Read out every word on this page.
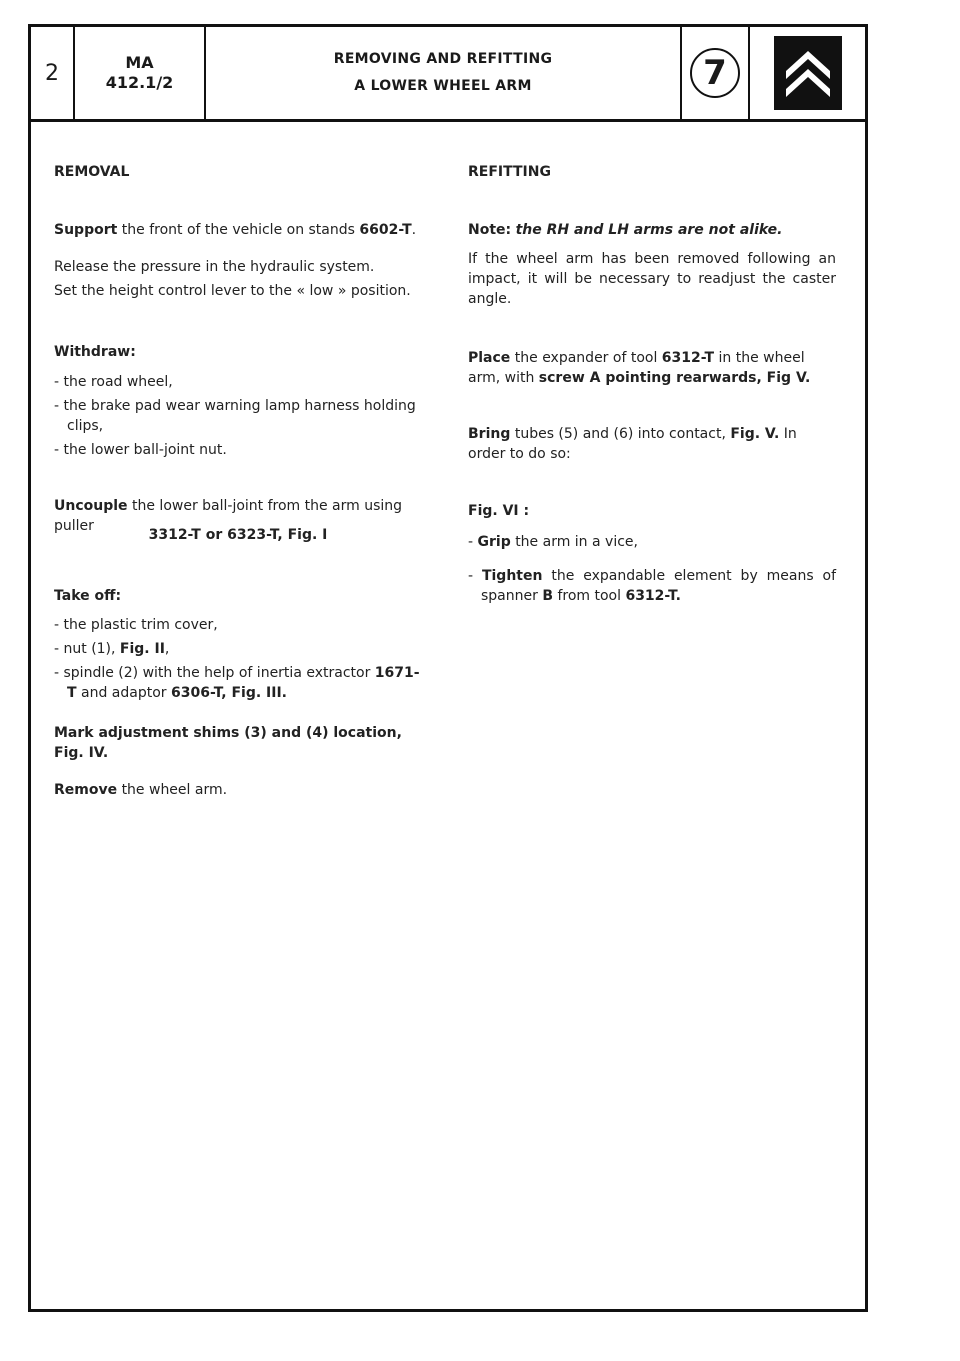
2	MA
412.1/2
REMOVING AND REFITTING
A LOWER WHEEL ARM	7

REMOVAL

Support the front of the vehicle on stands 6602-T.

Release the pressure in the hydraulic system.

Set the height control lever to the « low » position.

Withdraw:

- the road wheel,

- the brake pad wear warning lamp harness holding clips,

- the lower ball-joint nut.

Uncouple the lower ball-joint from the arm using puller

3312-T or 6323-T, Fig. I

Take off:

- the plastic trim cover,

- nut (1), Fig. II,

- spindle (2) with the help of inertia extractor 1671-T and adaptor 6306-T, Fig. III.

Mark adjustment shims (3) and (4) location, Fig. IV.

Remove the wheel arm.

REFITTING

Note: the RH and LH arms are not alike.

If the wheel arm has been removed following an impact, it will be necessary to readjust the caster angle.

Place the expander of tool 6312-T in the wheel arm, with screw A pointing rearwards, Fig V.

Bring tubes (5) and (6) into contact, Fig. V. In order to do so:

Fig. VI :

- Grip the arm in a vice,

- Tighten the expandable element by means of spanner B from tool 6312-T.
